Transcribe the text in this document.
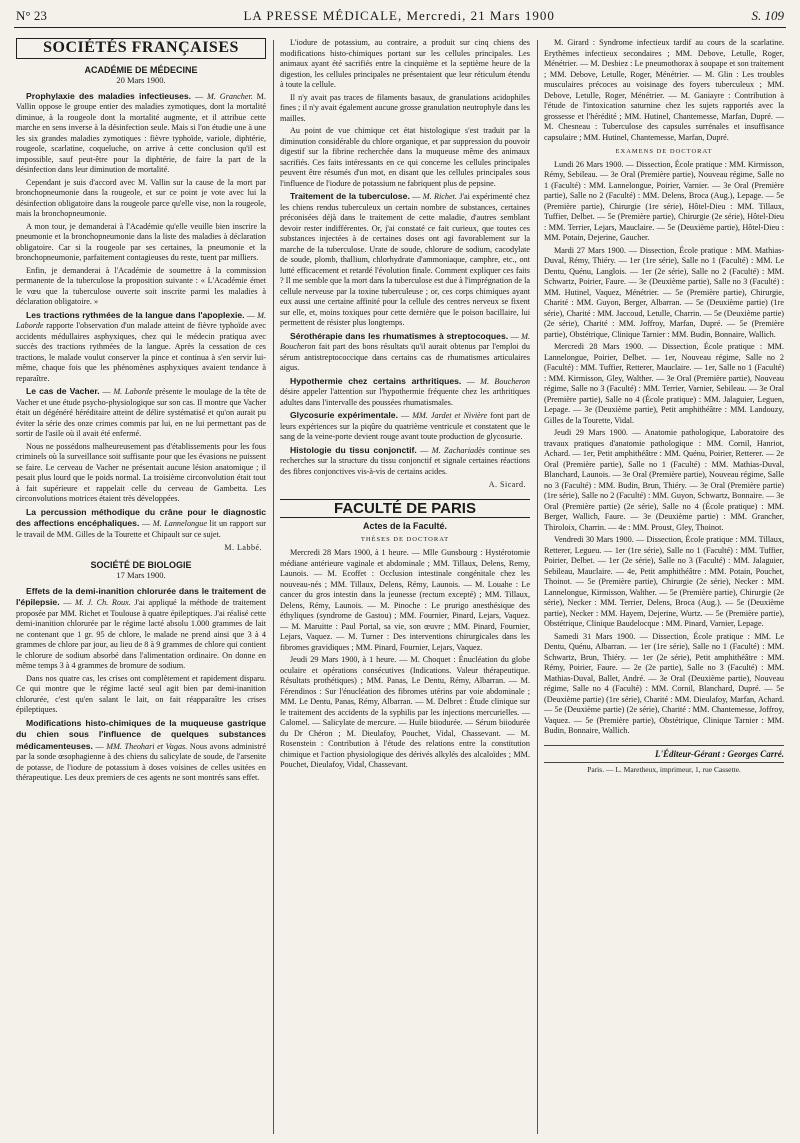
N° 23	LA PRESSE MÉDICALE, Mercredi, 21 Mars 1900	S. 109
SOCIÉTÉS FRANÇAISES
ACADÉMIE DE MÉDECINE
20 Mars 1900.

Prophylaxie des maladies infectieuses. — M. Grancher. M. Vallin oppose le groupe entier des maladies zymotiques, dont la mortalité diminue, à la rougeole dont la mortalité augmente, et il attribue cette marche en sens inverse à la désinfection seule. Mais si l'on étudie une à une les six grandes maladies zymotiques : fièvre typhoïde, variole, diphtérie, rougeole, scarlatine, coqueluche, on arrive à cette conclusion qu'il est impossible, sauf peut-être pour la diphtérie, de faire la part de la désinfection dans leur diminution de mortalité.

Cependant je suis d'accord avec M. Vallin sur la cause de la mort par bronchopneumonie dans la rougeole, et sur ce point je vote avec lui la désinfection obligatoire dans la rougeole parce qu'elle vise, non la rougeole, mais la bronchopneumonie.

A mon tour, je demanderai à l'Académie qu'elle veuille bien inscrire la pneumonie et la bronchopneumonie dans la liste des maladies à déclaration obligatoire. Car si la rougeole par ses certaines, la pneumonie et la bronchopneumonie, parfaitement contagieuses du reste, tuent par milliers.

Enfin, je demanderai à l'Académie de soumettre à la commission permanente de la tuberculose la proposition suivante : « L'Académie émet le vœu que la tuberculose ouverte soit inscrite parmi les maladies à déclaration obligatoire. »

Les tractions rythmées de la langue dans l'apoplexie. — M. Laborde rapporte l'observation d'un malade atteint de fièvre typhoïde avec accidents médullaires asphyxiques, chez qui le médecin pratiqua avec succès des tractions rythmées de la langue. Après la cessation de ces tractions, le malade voulut conserver la pince et continua à s'en servir lui-même, chaque fois que les phénomènes asphyxiques avaient tendance à reparaître.

Le cas de Vacher. — M. Laborde présente le moulage de la tête de Vacher et une étude psycho-physiologique sur son cas. Il montre que Vacher était un dégénéré héréditaire atteint de délire systématisé et qu'on aurait pu éviter la série des onze crimes commis par lui, en ne lui permettant pas de sortir de l'asile où il avait été enfermé.

Nous ne possédons malheureusement pas d'établissements pour les fous criminels où la surveillance soit suffisante pour que les évasions ne puissent se faire. Le cerveau de Vacher ne présentait aucune lésion anatomique ; il pesait plus lourd que le poids normal. La troisième circonvolution était tout à fait supérieure et rappelait celle du cerveau de Gambetta. Les circonvolutions motrices étaient très développées.

La percussion méthodique du crâne pour le diagnostic des affections encéphaliques. — M. Lannelongue lit un rapport sur le travail de MM. Gilles de la Tourette et Chipault sur ce sujet.

M. Labbé.
SOCIÉTÉ DE BIOLOGIE
17 Mars 1900.

Effets de la demi-inanition chlorurée dans le traitement de l'épilepsie. — M. J. Ch. Roux. J'ai appliqué la méthode de traitement proposée par MM. Richet et Toulouse à quatre épileptiques. J'ai réalisé cette demi-inanition chlorurée par le régime lacté absolu 1.000 grammes de lait ne contenant que 1 gr. 95 de chlore, le malade ne prend ainsi que 3 à 4 grammes de chlore par jour, au lieu de 8 à 9 grammes de chlore qui contient le chlorure de sodium absorbé dans l'alimentation ordinaire. On donne en même temps 3 à 4 grammes de bromure de sodium.

Dans nos quatre cas, les crises ont complètement et rapidement disparu. Ce qui montre que le régime lacté seul agit bien par demi-inanition chlorurée, c'est qu'en salant le lait, on fait réapparaître les crises épileptiques.

Modifications histo-chimiques de la muqueuse gastrique du chien sous l'influence de quelques substances médicamenteuses. — MM. Theohari et Vagas. Nous avons administré par la sonde œsophagienne à des chiens du salicylate de soude, de l'arsenite de potasse, de l'iodure de potassium à doses voisines de celles usitées en thérapeutique. Les deux premiers de ces agents ne sont montrés sans effet.

L'iodure de potassium, au contraire, a produit sur cinq chiens des modifications histo-chimiques portant sur les cellules principales. Les animaux ayant été sacrifiés entre la cinquième et la septième heure de la digestion, les cellules principales ne présentaient que leur réticulum étendu à toute la cellule.

Il n'y avait pas traces de filaments basaux, de granulations acidophiles fines ; il n'y avait également aucune grosse granulation neutrophyle dans les mailles.

Au point de vue chimique cet état histologique s'est traduit par la diminution considérable du chlore organique, et par suppression du pouvoir digestif sur la fibrine recherchée dans la muqueuse même des animaux sacrifiés. Ces faits intéressants en ce qui concerne les cellules principales peuvent être résumés d'un mot, en disant que les cellules principales sous l'influence de l'iodure de potassium ne fabriquent plus de pepsine.

Traitement de la tuberculose. — M. Richet. J'ai expérimenté chez les chiens rendus tuberculeux un certain nombre de substances, certaines préconisées déjà dans le traitement de cette maladie, d'autres semblant devoir rester indifférentes. Or, j'ai constaté ce fait curieux, que toutes ces substances injectées à de certaines doses ont agi favorablement sur la marche de la tuberculose. Urate de soude, chlorure de sodium, cacodylate de soude, plomb, thallium, chlorhydrate d'ammoniaque, camphre, etc., ont lutté efficacement et retardé l'évolution finale. Comment expliquer ces faits ? Il me semble que la mort dans la tuberculose est due à l'imprégnation de la cellule nerveuse par la toxine tuberculeuse ; or, ces corps chimiques ayant eux aussi une certaine affinité pour la cellule des centres nerveux se fixent sur elle, et, moins toxiques pour cette dernière que le poison bacillaire, lui permettent de résister plus longtemps.

Sérothérapie dans les rhumatismes à streptocoques. — M. Boucheron fait part des bons résultats qu'il aurait obtenus par l'emploi du sérum antistreptococcique dans certains cas de rhumatismes articulaires aigus.

Hypothermie chez certains arthritiques. — M. Boucheron désire appeler l'attention sur l'hypothermie fréquente chez les arthritiques adultes dans l'intervalle des poussées rhumatismales.

Glycosurie expérimentale. — MM. Jardet et Nivière font part de leurs expériences sur la piqûre du quatrième ventricule et constatent que le sang de la veine-porte devient rouge avant toute production de glycosurie.

Histologie du tissu conjonctif. — M. Zachariadès continue ses recherches sur la structure du tissu conjonctif et signale certaines réactions des fibres conjonctives vis-à-vis de certains acides.

A. Sicard.
FACULTÉ DE PARIS
Actes de la Faculté.
THÈSES DE DOCTORAT

Mercredi 28 Mars 1900, à 1 heure. — Mlle Gunsbourg : Hystérotomie médiane antérieure vaginale et abdominale ; MM. Tillaux, Delens, Remy, Launois. — M. Ecoffet : Occlusion intestinale congénitale chez les nouveau-nés ; MM. Tillaux, Delens, Rémy, Launois. — M. Louahe : Le cancer du gros intestin dans la jeunesse (rectum excepté) ; MM. Tillaux, Delens, Rémy, Launois. — M. Pinoche : Le prurigo anesthésique des éthyliques (syndrome de Gastou) ; MM. Fournier, Pinard, Lejars, Vaquez. — M. Maruitte : Paul Portal, sa vie, son œuvre ; MM. Pinard, Fournier, Lejars, Vaquez. — M. Turner : Des interventions chirurgicales dans les fibromes gravidiques ; MM. Pinard, Fournier, Lejars, Vaquez.

Jeudi 29 Mars 1900, à 1 heure. — M. Choquet : Énucléation du globe oculaire et opérations consécutives (Indications. Valeur thérapeutique. Résultats prothétiques) ; MM. Panas, Le Dentu, Rémy, Albarran. — M. Férendinos : Sur l'énucléation des fibromes utérins par voie abdominale ; MM. Le Dentu, Panas, Rémy, Albarran. — M. Delbret : Étude clinique sur le traitement des accidents de la syphilis par les injections mercurielles. — Calomel. — Salicylate de mercure. — Huile biiodurée. — Sérum biiodurée du Dr Chéron ; M. Dieulafoy, Pouchet, Vidal, Chassevant. — M. Rosenstein : Contribution à l'étude des relations entre la constitution chimique et l'action physiologique des dérivés alkylés des alcaloïdes ; MM. Pouchet, Dieulafoy, Vidal, Chassevant.

M. Girard : Syndrome infectieux tardif au cours de la scarlatine. Erythèmes infectieux secondaires ; MM. Debove, Letulle, Roger, Ménétrier. — M. Desbiez : Le pneumothorax à soupape et son traitement ; MM. Debove, Letulle, Roger, Ménétrier. — M. Glin : Les troubles musculaires précoces au voisinage des foyers tuberculeux ; MM. Debove, Letulle, Roger, Ménétrier. — M. Ganiayre : Contribution à l'étude de l'intoxication saturnine chez les sujets rapportés avec la grossesse et l'hérédité ; MM. Hutinel, Chantemesse, Marfan, Dupré. — M. Chesneau : Tuberculose des capsules surrénales et insuffisance capsulaire ; MM. Hutinel, Chantemesse, Marfan, Dupré.

EXAMENS DE DOCTORAT

Lundi 26 Mars 1900. — Dissection, École pratique : MM. Kirmisson, Rémy, Sebileau. — 3e Oral (Première partie), Nouveau régime, Salle no 1 (Faculté) : MM. Lannelongue, Poirier, Varnier. — 3e Oral (Première partie), Salle no 2 (Faculté) : MM. Delens, Broca (Aug.), Lepage. — 5e (Première partie), Chirurgie (1re série), Hôtel-Dieu : MM. Tillaux, Tuffier, Delbet. — 5e (Première partie), Chirurgie (2e série), Hôtel-Dieu : MM. Terrier, Lejars, Mauclaire. — 5e (Deuxième partie), Hôtel-Dieu : MM. Potain, Dejerine, Gaucher.

Mardi 27 Mars 1900. — Dissection, École pratique : MM. Mathias-Duval, Rémy, Thiéry. — 1er (1re série), Salle no 1 (Faculté) : MM. Le Dentu, Quénu, Langlois. — 1er (2e série), Salle no 2 (Faculté) : MM. Schwartz, Poirier, Faure. — 3e (Deuxième partie), Salle no 3 (Faculté) : MM. Hutinel, Vaquez, Ménétrier. — 5e (Première partie), Chirurgie, Charité : MM. Guyon, Berger, Albarran. — 5e (Deuxième partie) (1re série), Charité : MM. Jaccoud, Letulle, Charrin. — 5e (Deuxième partie) (2e série), Charité : MM. Joffroy, Marfan, Dupré. — 5e (Première partie), Obstétrique, Clinique Tarnier : MM. Budin, Bonnaire, Wallich.

Mercredi 28 Mars 1900. — Dissection, École pratique : MM. Lannelongue, Poirier, Delbet. — 1er, Nouveau régime, Salle no 2 (Faculté) : MM. Tuffier, Retterer, Mauclaire. — 1er, Salle no 1 (Faculté) : MM. Kirmisson, Gley, Walther. — 3e Oral (Première partie), Nouveau régime, Salle no 3 (Faculté) : MM. Terrier, Varnier, Sebileau. — 3e Oral (Première partie), Salle no 4 (École pratique) : MM. Jalaguier, Leguen, Lepage. — 3e (Deuxième partie), Petit amphithéâtre : MM. Landouzy, Gilles de la Tourette, Vidal.

Jeudi 29 Mars 1900. — Anatomie pathologique, Laboratoire des travaux pratiques d'anatomie pathologique : MM. Cornil, Hanriot, Achard. — 1er, Petit amphithéâtre : MM. Quénu, Poirier, Retterer. — 2e Oral (Première partie), Salle no 1 (Faculté) : MM. Mathias-Duval, Blanchard, Launois. — 3e Oral (Première partie), Nouveau régime, Salle no 3 (Faculté) : MM. Budin, Brun, Thiéry. — 3e Oral (Première partie) (1re série), Salle no 2 (Faculté) : MM. Guyon, Schwartz, Bonnaire. — 3e Oral (Première partie) (2e série), Salle no 4 (École pratique) : MM. Berger, Wallich, Faure. — 3e (Deuxième partie) : MM. Grancher, Thiroloix, Charrin. — 4e : MM. Proust, Gley, Thoinot.

Vendredi 30 Mars 1900. — Dissection, École pratique : MM. Tillaux, Retterer, Legueu. — 1er (1re série), Salle no 1 (Faculté) : MM. Tuffier, Poirier, Delbet. — 1er (2e série), Salle no 3 (Faculté) : MM. Jalaguier, Sebileau, Mauclaire. — 4e, Petit amphithéâtre : MM. Potain, Pouchet, Thoinot. — 5e (Première partie), Chirurgie (2e série), Necker : MM. Lannelongue, Kirmisson, Walther. — 5e (Première partie), Chirurgie (2e série), Necker : MM. Terrier, Delens, Broca (Aug.). — 5e (Deuxième partie), Necker : MM. Hayem, Dejerine, Wurtz. — 5e (Première partie), Obstétrique, Clinique Baudelocque : MM. Pinard, Varnier, Lepage.

Samedi 31 Mars 1900. — Dissection, École pratique : MM. Le Dentu, Quénu, Albarran. — 1er (1re série), Salle no 1 (Faculté) : MM. Schwartz, Brun, Thiéry. — 1er (2e série), Petit amphithéâtre : MM. Rémy, Poirier, Faure. — 2e (2e partie), Salle no 3 (Faculté) : MM. Mathias-Duval, Ballet, André. — 3e Oral (Deuxième partie), Nouveau régime, Salle no 4 (Faculté) : MM. Cornil, Blanchard, Dupré. — 5e (Deuxième partie) (1re série), Charité : MM. Dieulafoy, Marfan, Achard. — 5e (Deuxième partie) (2e série), Charité : MM. Chantemesse, Joffroy, Vaquez. — 5e (Première partie), Obstétrique, Clinique Tarnier : MM. Budin, Bonnaire, Wallich.

L'Éditeur-Gérant : Georges Carré.
Paris. — L. Maretheux, imprimeur, 1, rue Cassette.
